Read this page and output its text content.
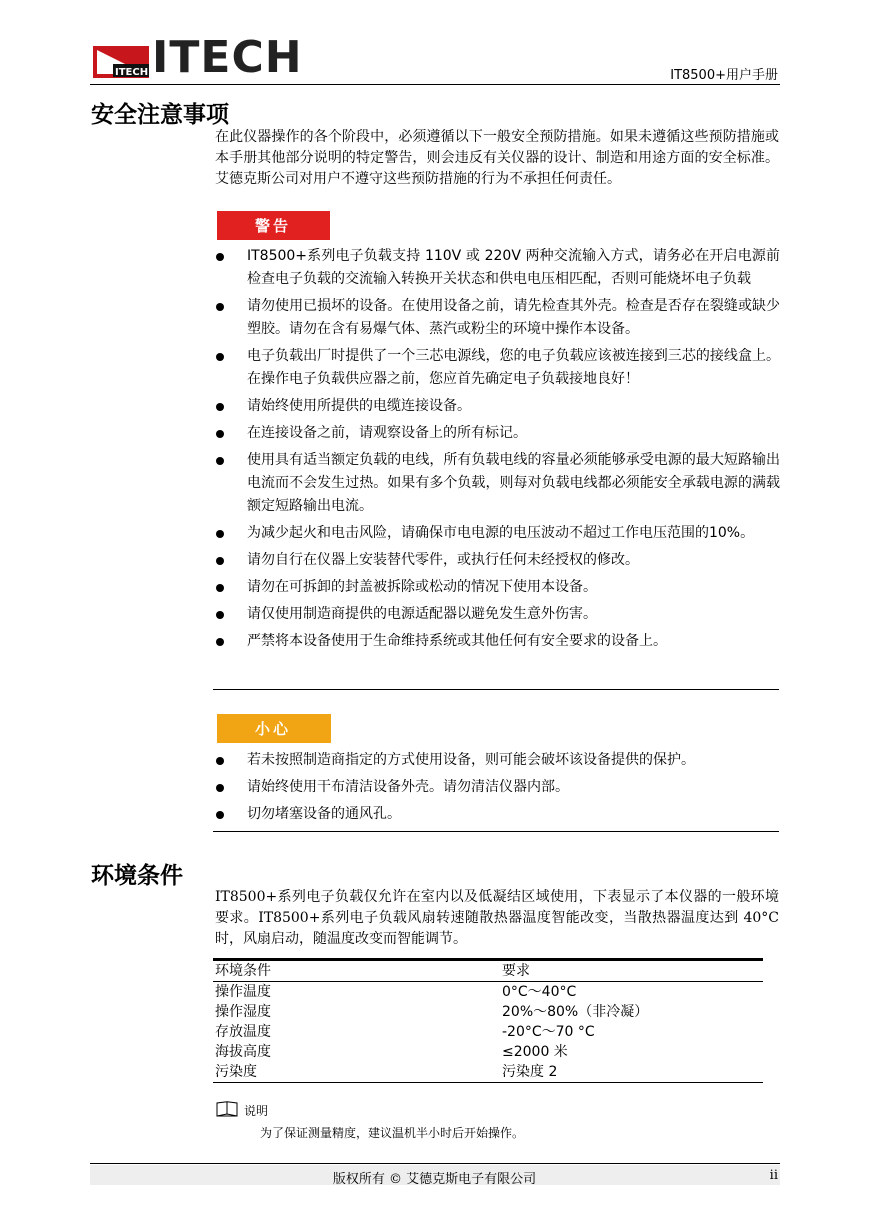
ITECH ITECH	IT8500+用户手册
安全注意事项

在此仪器操作的各个阶段中，必须遵循以下一般安全预防措施。如果未遵循这些预防措施或本手册其他部分说明的特定警告，则会违反有关仪器的设计、制造和用途方面的安全标准。艾德克斯公司对用户不遵守这些预防措施的行为不承担任何责任。

警告
IT8500+系列电子负载支持 110V 或 220V 两种交流输入方式，请务必在开启电源前检查电子负载的交流输入转换开关状态和供电电压相匹配，否则可能烧坏电子负载
请勿使用已损坏的设备。在使用设备之前，请先检查其外壳。检查是否存在裂缝或缺少塑胶。请勿在含有易爆气体、蒸汽或粉尘的环境中操作本设备。
电子负载出厂时提供了一个三芯电源线，您的电子负载应该被连接到三芯的接线盒上。在操作电子负载供应器之前，您应首先确定电子负载接地良好！
请始终使用所提供的电缆连接设备。
在连接设备之前，请观察设备上的所有标记。
使用具有适当额定负载的电线，所有负载电线的容量必须能够承受电源的最大短路输出电流而不会发生过热。如果有多个负载，则每对负载电线都必须能安全承载电源的满载额定短路输出电流。
为减少起火和电击风险，请确保市电电源的电压波动不超过工作电压范围的10%。
请勿自行在仪器上安装替代零件，或执行任何未经授权的修改。
请勿在可拆卸的封盖被拆除或松动的情况下使用本设备。
请仅使用制造商提供的电源适配器以避免发生意外伤害。
严禁将本设备使用于生命维持系统或其他任何有安全要求的设备上。
小心
若未按照制造商指定的方式使用设备，则可能会破坏该设备提供的保护。
请始终使用干布清洁设备外壳。请勿清洁仪器内部。
切勿堵塞设备的通风孔。
环境条件

IT8500+系列电子负载仅允许在室内以及低凝结区域使用，下表显示了本仪器的一般环境要求。IT8500+系列电子负载风扇转速随散热器温度智能改变，当散热器温度达到 40°C 时，风扇启动，随温度改变而智能调节。

环境条件	要求
操作温度	0°C～40°C
操作湿度	20%～80%（非冷凝）
存放温度	-20°C～70 °C
海拔高度	≤2000 米
污染度	污染度 2
说明
为了保证测量精度，建议温机半小时后开始操作。
版权所有 © 艾德克斯电子有限公司	ii
